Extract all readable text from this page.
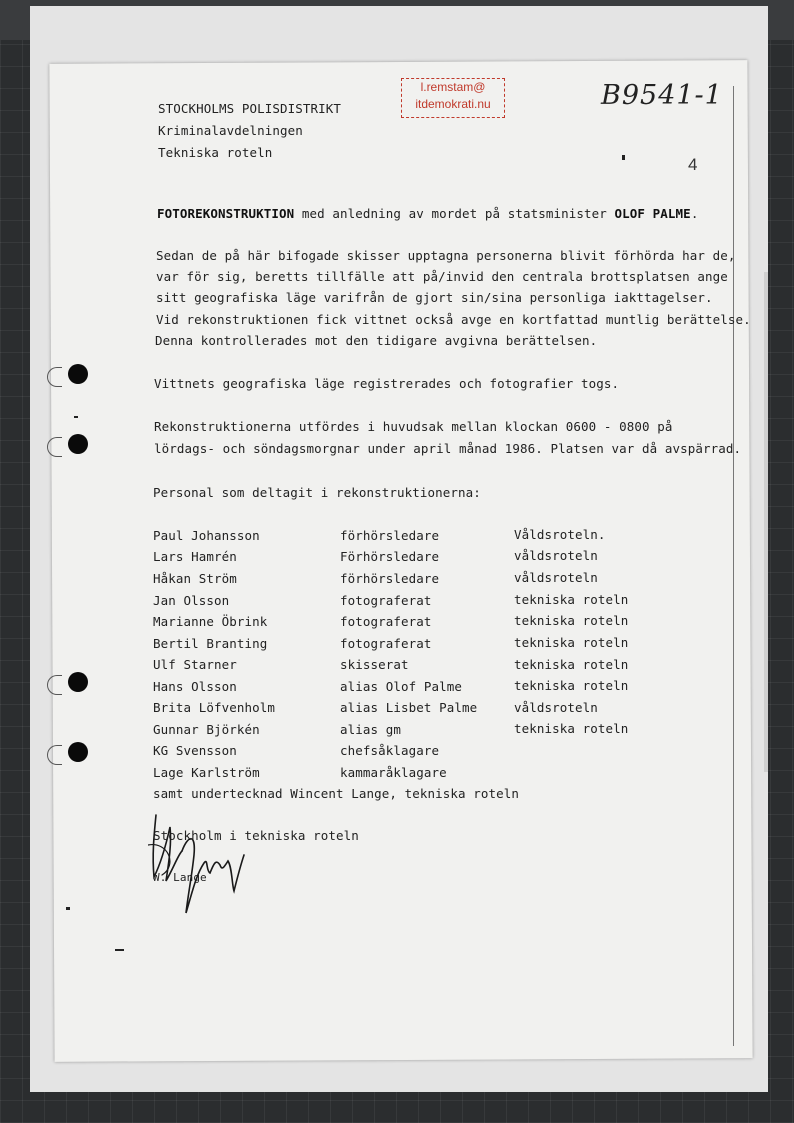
STOCKHOLMS POLISDISTRIKT
Kriminalavdelningen
Tekniska roteln
l.remstam@
itdemokrati.nu	B9541-1
4
FOTOREKONSTRUKTION med anledning av mordet på statsminister OLOF PALME.
Sedan de på här bifogade skisser upptagna personerna blivit förhörda har de,
var för sig, beretts tillfälle att på/invid den centrala brottsplatsen ange
sitt geografiska läge varifrån de gjort sin/sina personliga iakttagelser.
Vid rekonstruktionen fick vittnet också avge en kortfattad muntlig berättelse.
Denna kontrollerades mot den tidigare avgivna berättelsen.
Vittnets geografiska läge registrerades och fotografier togs.
Rekonstruktionerna utfördes i huvudsak mellan klockan 0600 - 0800 på
lördags- och söndagsmorgnar under april månad 1986. Platsen var då avspärrad.
Personal som deltagit i rekonstruktionerna:
Paul Johansson	förhörsledare	Våldsroteln.
Lars Hamrén	Förhörsledare	våldsroteln
Håkan Ström	förhörsledare	våldsroteln
Jan Olsson	fotograferat	tekniska roteln
Marianne Öbrink	fotograferat	tekniska roteln
Bertil Branting	fotograferat	tekniska roteln
Ulf Starner	skisserat	tekniska roteln
Hans Olsson	alias Olof Palme	tekniska roteln
Brita Löfvenholm	alias Lisbet Palme	våldsroteln
Gunnar Björkén	alias gm	tekniska roteln
KG Svensson	chefsåklagare
Lage Karlström	kammaråklagare
samt undertecknad Wincent Lange, tekniska roteln
Stockholm i tekniska roteln
W. Lange
